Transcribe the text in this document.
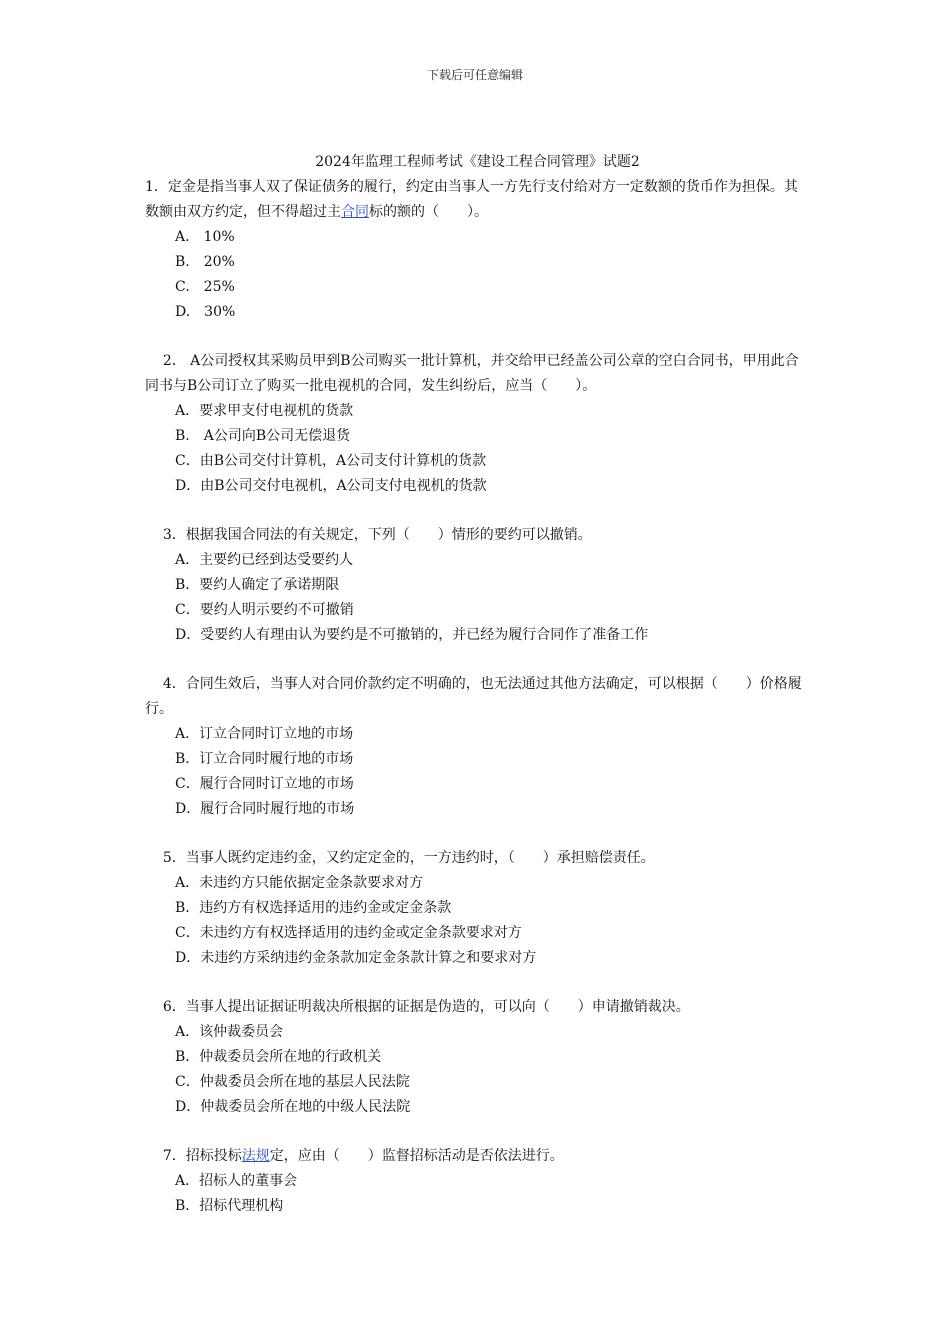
下载后可任意编辑

2024年监理工程师考试《建设工程合同管理》试题2

1．定金是指当事人双了保证债务的履行，约定由当事人一方先行支付给对方一定数额的货币作为担保。其数额由双方约定，但不得超过主合同标的额的（　　）。

A.　10%

B.　20%

C.　25%

D.　30%

2． A公司授权其采购员甲到B公司购买一批计算机，并交给甲已经盖公司公章的空白合同书，甲用此合同书与B公司订立了购买一批电视机的合同，发生纠纷后，应当（　　）。

A．要求甲支付电视机的货款

B.　A公司向B公司无偿退货

C．由B公司交付计算机，A公司支付计算机的货款

D．由B公司交付电视机，A公司支付电视机的货款

3．根据我国合同法的有关规定，下列（　　）情形的要约可以撤销。

A．主要约已经到达受要约人

B．要约人确定了承诺期限

C．要约人明示要约不可撤销

D．受要约人有理由认为要约是不可撤销的，并已经为履行合同作了准备工作

4．合同生效后，当事人对合同价款约定不明确的，也无法通过其他方法确定，可以根据（　　）价格履行。

A．订立合同时订立地的市场

B．订立合同时履行地的市场

C．履行合同时订立地的市场

D．履行合同时履行地的市场

5．当事人既约定违约金，又约定定金的，一方违约时，（　　）承担赔偿责任。

A．未违约方只能依据定金条款要求对方

B．违约方有权选择适用的违约金或定金条款

C．未违约方有权选择适用的违约金或定金条款要求对方

D．未违约方采纳违约金条款加定金条款计算之和要求对方

6．当事人提出证据证明裁决所根据的证据是伪造的，可以向（　　）申请撤销裁决。

A．该仲裁委员会

B．仲裁委员会所在地的行政机关

C．仲裁委员会所在地的基层人民法院

D．仲裁委员会所在地的中级人民法院

7．招标投标法规定，应由（　　）监督招标活动是否依法进行。

A．招标人的董事会

B．招标代理机构
